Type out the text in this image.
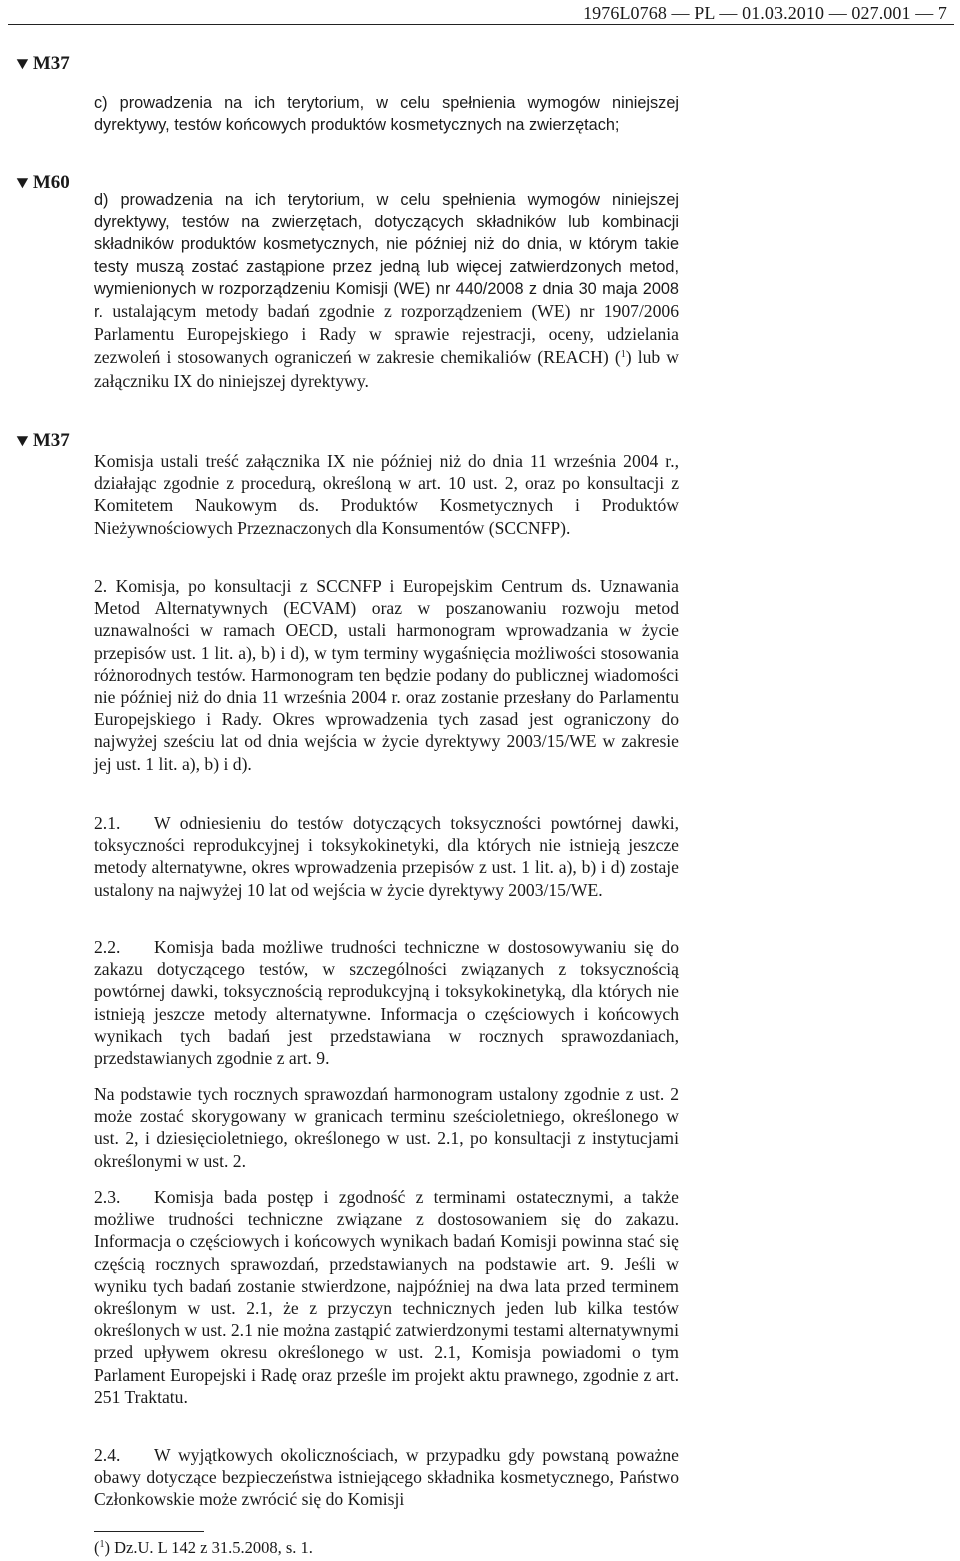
1976L0768 — PL — 01.03.2010 — 027.001 — 7
▼M37
▼M60
▼M37
c) prowadzenia na ich terytorium, w celu spełnienia wymogów niniejszej dyrektywy, testów końcowych produktów kosmetycznych na zwierzętach;
d) prowadzenia na ich terytorium, w celu spełnienia wymogów niniejszej dyrektywy, testów na zwierzętach, dotyczących składników lub kombinacji składników produktów kosmetycznych, nie później niż do dnia, w którym takie testy muszą zostać zastąpione przez jedną lub więcej zatwierdzonych metod, wymienionych w rozporządzeniu Komisji (WE) nr 440/2008 z dnia 30 maja 2008 r. ustalającym metody badań zgodnie z rozporządzeniem (WE) nr 1907/2006 Parlamentu Europejskiego i Rady w sprawie rejestracji, oceny, udzielania zezwoleń i stosowanych ograniczeń w zakresie chemikaliów (REACH) ($^1$) lub w załączniku IX do niniejszej dyrektywy.
Komisja ustali treść załącznika IX nie później niż do dnia 11 września 2004 r., działając zgodnie z procedurą, określoną w art. 10 ust. 2, oraz po konsultacji z Komitetem Naukowym ds. Produktów Kosmetycznych i Produktów Nieżywnościowych Przeznaczonych dla Konsumentów (SCCNFP).
2. Komisja, po konsultacji z SCCNFP i Europejskim Centrum ds. Uznawania Metod Alternatywnych (ECVAM) oraz w poszanowaniu rozwoju metod uznawalności w ramach OECD, ustali harmonogram wprowadzania w życie przepisów ust. 1 lit. a), b) i d), w tym terminy wygaśnięcia możliwości stosowania różnorodnych testów. Harmonogram ten będzie podany do publicznej wiadomości nie później niż do dnia 11 września 2004 r. oraz zostanie przesłany do Parlamentu Europejskiego i Rady. Okres wprowadzenia tych zasad jest ograniczony do najwyżej sześciu lat od dnia wejścia w życie dyrektywy 2003/15/WE w zakresie jej ust. 1 lit. a), b) i d).
2.1. W odniesieniu do testów dotyczących toksyczności powtórnej dawki, toksyczności reprodukcyjnej i toksykokinetyki, dla których nie istnieją jeszcze metody alternatywne, okres wprowadzenia przepisów z ust. 1 lit. a), b) i d) zostaje ustalony na najwyżej 10 lat od wejścia w życie dyrektywy 2003/15/WE.
2.2. Komisja bada możliwe trudności techniczne w dostosowywaniu się do zakazu dotyczącego testów, w szczególności związanych z toksycznością powtórnej dawki, toksycznością reprodukcyjną i toksykokinetyką, dla których nie istnieją jeszcze metody alternatywne. Informacja o częściowych i końcowych wynikach tych badań jest przedstawiana w rocznych sprawozdaniach, przedstawianych zgodnie z art. 9.
Na podstawie tych rocznych sprawozdań harmonogram ustalony zgodnie z ust. 2 może zostać skorygowany w granicach terminu sześcioletniego, określonego w ust. 2, i dziesięcioletniego, określonego w ust. 2.1, po konsultacji z instytucjami określonymi w ust. 2.
2.3. Komisja bada postęp i zgodność z terminami ostatecznymi, a także możliwe trudności techniczne związane z dostosowaniem się do zakazu. Informacja o częściowych i końcowych wynikach badań Komisji powinna stać się częścią rocznych sprawozdań, przedstawianych na podstawie art. 9. Jeśli w wyniku tych badań zostanie stwierdzone, najpóźniej na dwa lata przed terminem określonym w ust. 2.1, że z przyczyn technicznych jeden lub kilka testów określonych w ust. 2.1 nie można zastąpić zatwierdzonymi testami alternatywnymi przed upływem okresu określonego w ust. 2.1, Komisja powiadomi o tym Parlament Europejski i Radę oraz prześle im projekt aktu prawnego, zgodnie z art. 251 Traktatu.
2.4. W wyjątkowych okolicznościach, w przypadku gdy powstaną poważne obawy dotyczące bezpieczeństwa istniejącego składnika kosmetycznego, Państwo Członkowskie może zwrócić się do Komisji
($^1$) Dz.U. L 142 z 31.5.2008, s. 1.
